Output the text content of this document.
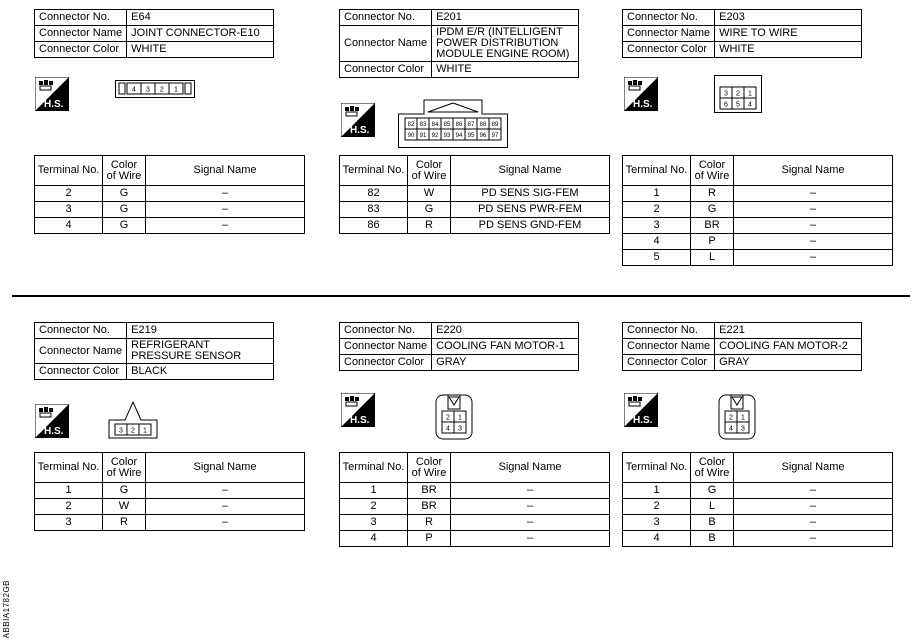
Connector No.	E64
Connector Name	JOINT CONNECTOR-E10
Connector Color	WHITE
4 3 2 1
Terminal No.	Color of Wire	Signal Name
2	G	–
3	G	–
4	G	–
Connector No.	E201
Connector Name	IPDM E/R (INTELLIGENT POWER DISTRIBUTION MODULE ENGINE ROOM)
Connector Color	WHITE
82 83 84 85 86 87 88 89
90 91 92 93 94 95 96 97
Terminal No.	Color of Wire	Signal Name
82	W	PD SENS SIG-FEM
83	G	PD SENS PWR-FEM
86	R	PD SENS GND-FEM
Connector No.	E203
Connector Name	WIRE TO WIRE
Connector Color	WHITE
3 2 1
6 5 4
Terminal No.	Color of Wire	Signal Name
1	R	–
2	G	–
3	BR	–
4	P	–
5	L	–
Connector No.	E219
Connector Name	REFRIGERANT PRESSURE SENSOR
Connector Color	BLACK
3 2 1
Terminal No.	Color of Wire	Signal Name
1	G	–
2	W	–
3	R	–
Connector No.	E220
Connector Name	COOLING FAN MOTOR-1
Connector Color	GRAY
2 1
4 3
Terminal No.	Color of Wire	Signal Name
1	BR	–
2	BR	–
3	R	–
4	P	–
Connector No.	E221
Connector Name	COOLING FAN MOTOR-2
Connector Color	GRAY
2 1
4 3
Terminal No.	Color of Wire	Signal Name
1	G	–
2	L	–
3	B	–
4	B	–
ABBIA1782GB
